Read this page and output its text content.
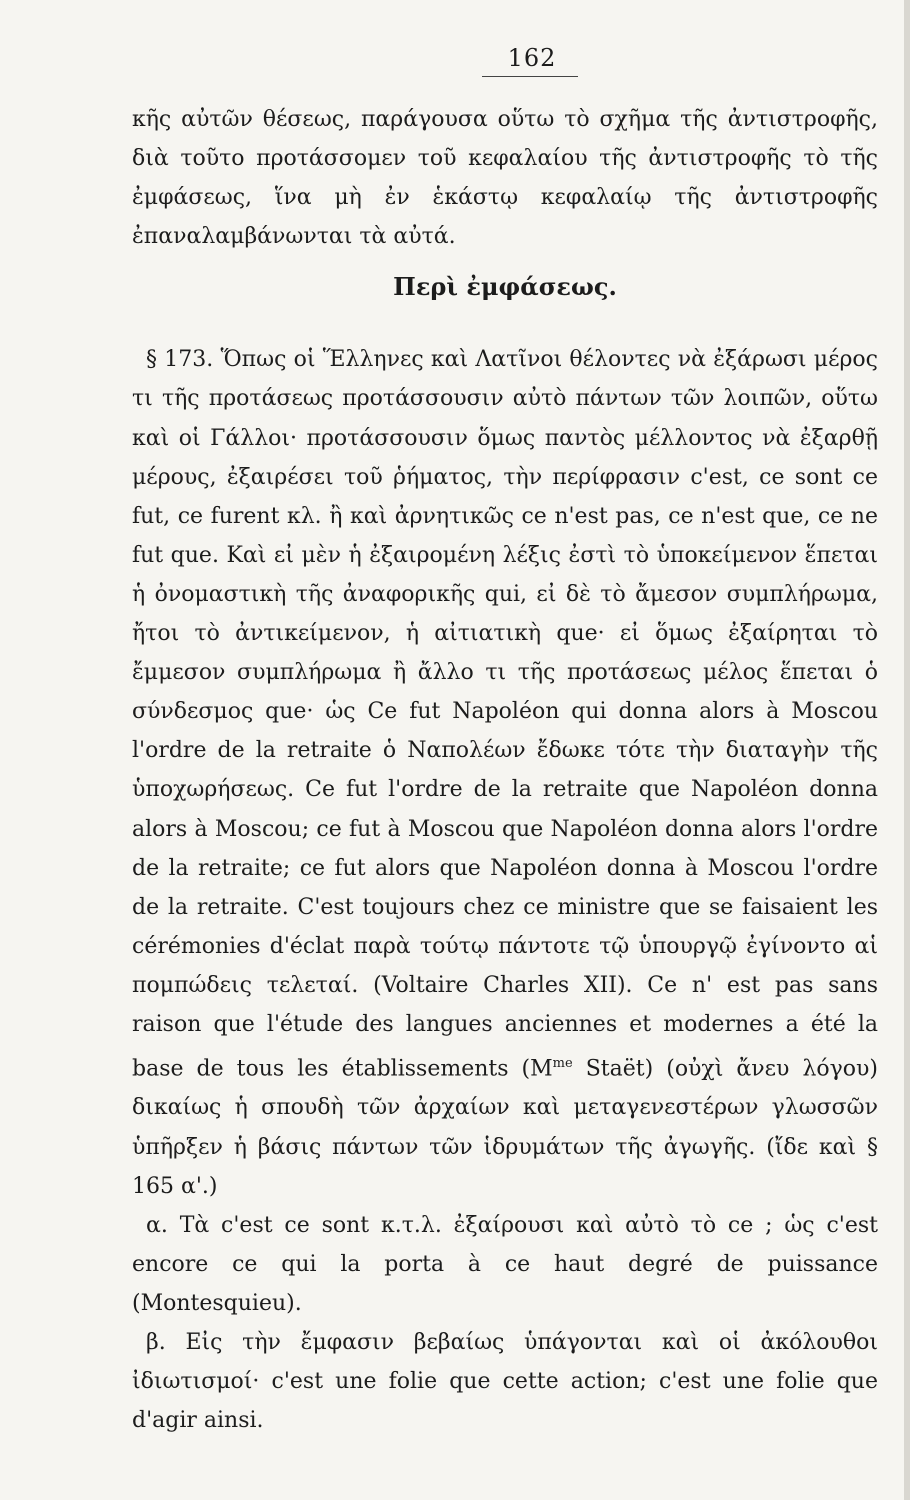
162

κῆς αὐτῶν θέσεως, παράγουσα οὕτω τὸ σχῆμα τῆς ἀντιστροφῆς, διὰ τοῦτο προτάσσομεν τοῦ κεφαλαίου τῆς ἀντιστροφῆς τὸ τῆς ἐμφάσεως, ἵνα μὴ ἐν ἑκάστῳ κεφαλαίῳ τῆς ἀντιστροφῆς ἐπαναλαμβάνωνται τὰ αὐτά.

Περὶ ἐμφάσεως.

§ 173. Ὅπως οἱ Ἕλληνες καὶ Λατῖνοι θέλοντες νὰ ἐξάρωσι μέρος τι τῆς προτάσεως προτάσσουσιν αὐτὸ πάντων τῶν λοιπῶν, οὕτω καὶ οἱ Γάλλοι· προτάσσουσιν ὅμως παντὸς μέλλοντος νὰ ἐξαρθῇ μέρους, ἐξαιρέσει τοῦ ῥήματος, τὴν περίφρασιν c'est, ce sont ce fut, ce furent κλ. ἢ καὶ ἀρνητικῶς ce n'est pas, ce n'est que, ce ne fut que. Καὶ εἰ μὲν ἡ ἐξαιρομένη λέξις ἐστὶ τὸ ὑποκείμενον ἕπεται ἡ ὀνομαστικὴ τῆς ἀναφορικῆς qui, εἰ δὲ τὸ ἄμεσον συμπλήρωμα, ἤτοι τὸ ἀντικείμενον, ἡ αἰτιατικὴ que· εἰ ὅμως ἐξαίρηται τὸ ἔμμεσον συμπλήρωμα ἢ ἄλλο τι τῆς προτάσεως μέλος ἕπεται ὁ σύνδεσμος que· ὡς Ce fut Napoléon qui donna alors à Moscou l'ordre de la retraite ὁ Ναπολέων ἔδωκε τότε τὴν διαταγὴν τῆς ὑποχωρήσεως. Ce fut l'ordre de la retraite que Napoléon donna alors à Moscou; ce fut à Moscou que Napoléon donna alors l'ordre de la retraite; ce fut alors que Napoléon donna à Moscou l'ordre de la retraite. C'est toujours chez ce ministre que se faisaient les cérémonies d'éclat παρὰ τούτῳ πάντοτε τῷ ὑπουργῷ ἐγίνοντο αἱ πομπώδεις τελεταί. (Voltaire Charles XII). Ce n' est pas sans raison que l'étude des langues anciennes et modernes a été la base de tous les établissements ($M^{me}$ Staët) (οὐχὶ ἄνευ λόγου) δικαίως ἡ σπουδὴ τῶν ἀρχαίων καὶ μεταγενεστέρων γλωσσῶν ὑπῆρξεν ἡ βάσις πάντων τῶν ἱδρυμάτων τῆς ἀγωγῆς. (ἴδε καὶ § 165 α'.)

α. Τὰ c'est ce sont κ.τ.λ. ἐξαίρουσι καὶ αὐτὸ τὸ ce ; ὡς c'est encore ce qui la porta à ce haut degré de puissance (Montesquieu).

β. Εἰς τὴν ἔμφασιν βεβαίως ὑπάγονται καὶ οἱ ἀκόλουθοι ἰδιωτισμοί· c'est une folie que cette action; c'est une folie que d'agir ainsi.
